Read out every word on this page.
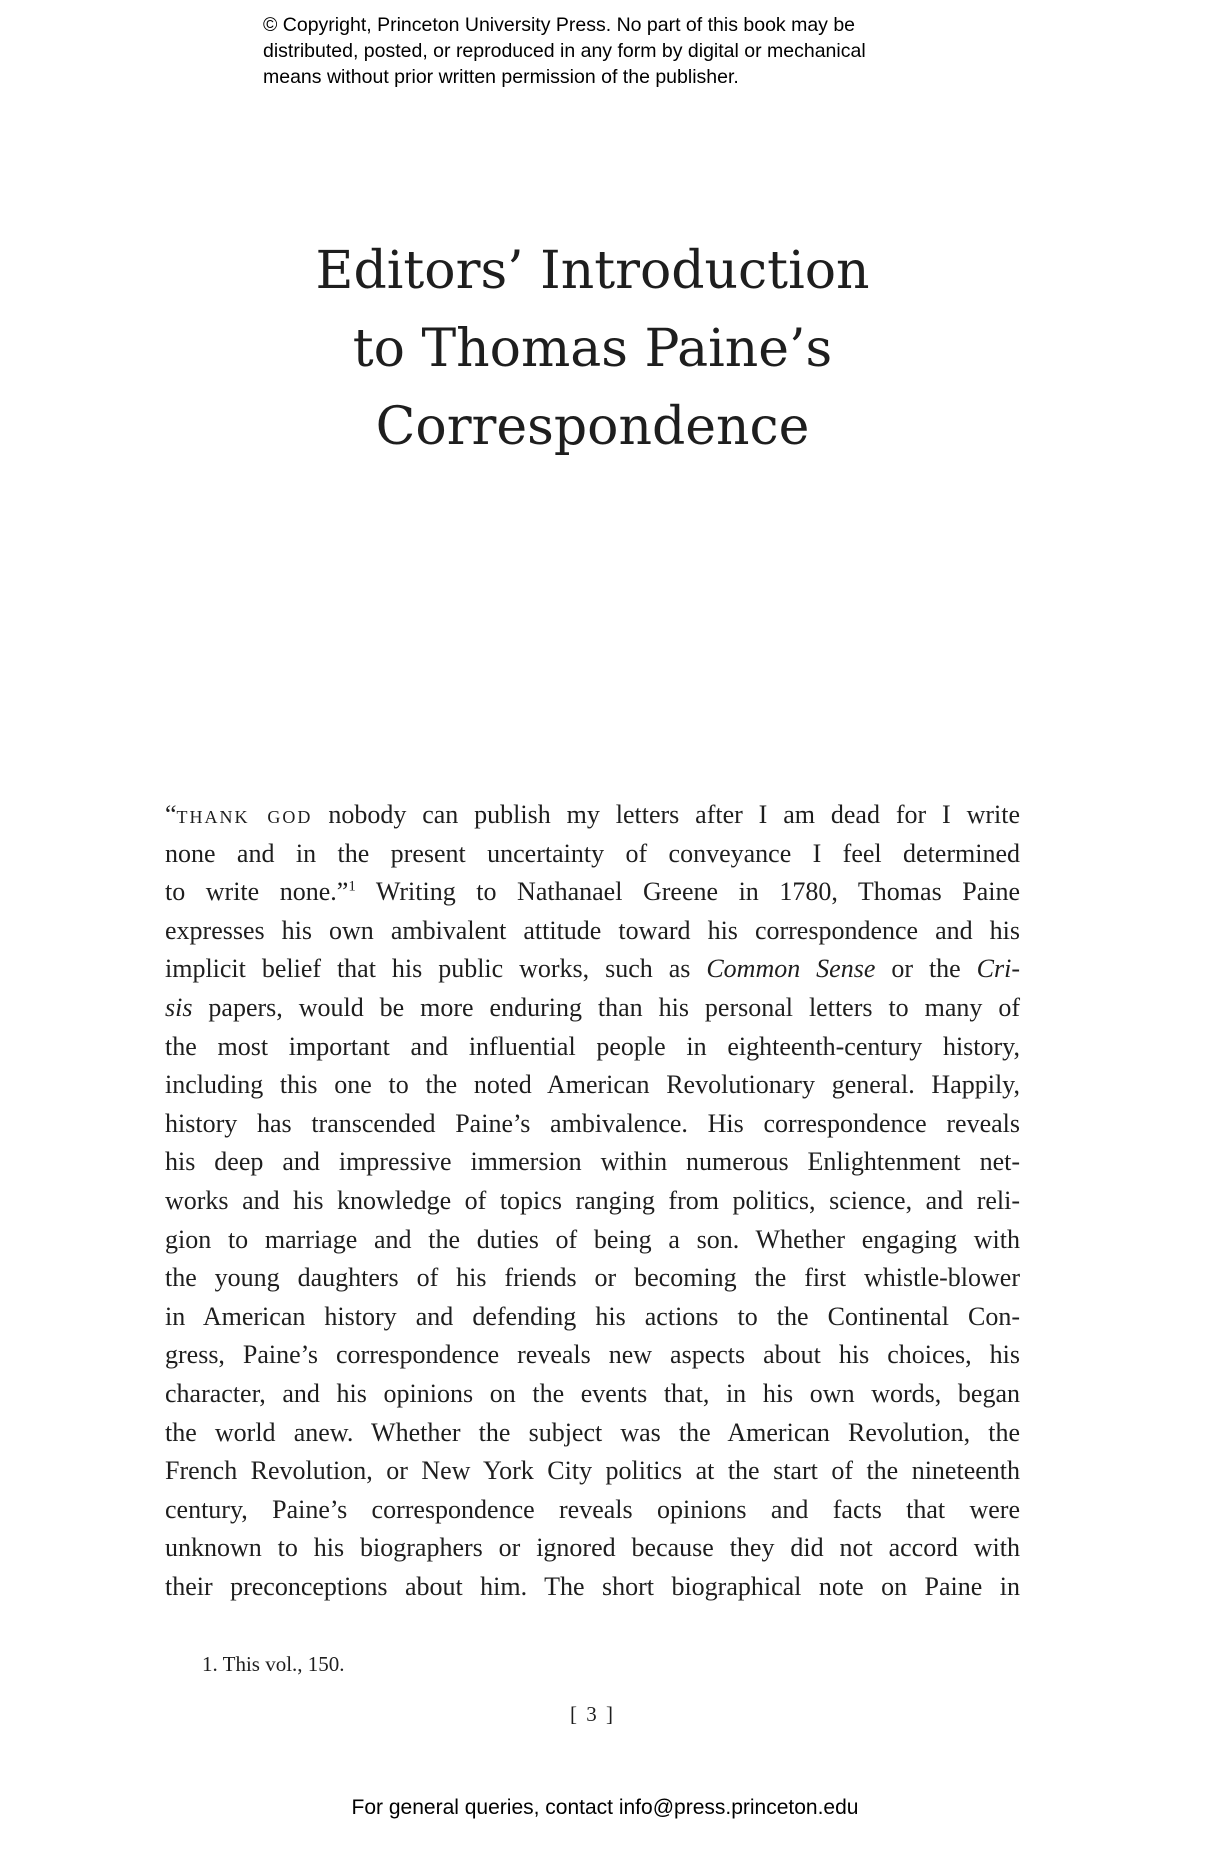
© Copyright, Princeton University Press. No part of this book may be
distributed, posted, or reproduced in any form by digital or mechanical
means without prior written permission of the publisher.
Editors’ Introduction
to Thomas Paine’s
Correspondence
“thank god nobody can publish my letters after I am dead for I write
none and in the present uncertainty of conveyance I feel determined
to write none.”$^1$ Writing to Nathanael Greene in 1780, Thomas Paine
expresses his own ambivalent attitude toward his correspondence and his
implicit belief that his public works, such as Common Sense or the Cri-
sis papers, would be more enduring than his personal letters to many of
the most important and influential people in eighteenth-century history,
including this one to the noted American Revolutionary general. Happily,
history has transcended Paine’s ambivalence. His correspondence reveals
his deep and impressive immersion within numerous Enlightenment net-
works and his knowledge of topics ranging from politics, science, and reli-
gion to marriage and the duties of being a son. Whether engaging with
the young daughters of his friends or becoming the first whistle-blower
in American history and defending his actions to the Continental Con-
gress, Paine’s correspondence reveals new aspects about his choices, his
character, and his opinions on the events that, in his own words, began
the world anew. Whether the subject was the American Revolution, the
French Revolution, or New York City politics at the start of the nineteenth
century, Paine’s correspondence reveals opinions and facts that were
unknown to his biographers or ignored because they did not accord with
their preconceptions about him. The short biographical note on Paine in
1. This vol., 150.
[ 3 ]
For general queries, contact info@press.princeton.edu
